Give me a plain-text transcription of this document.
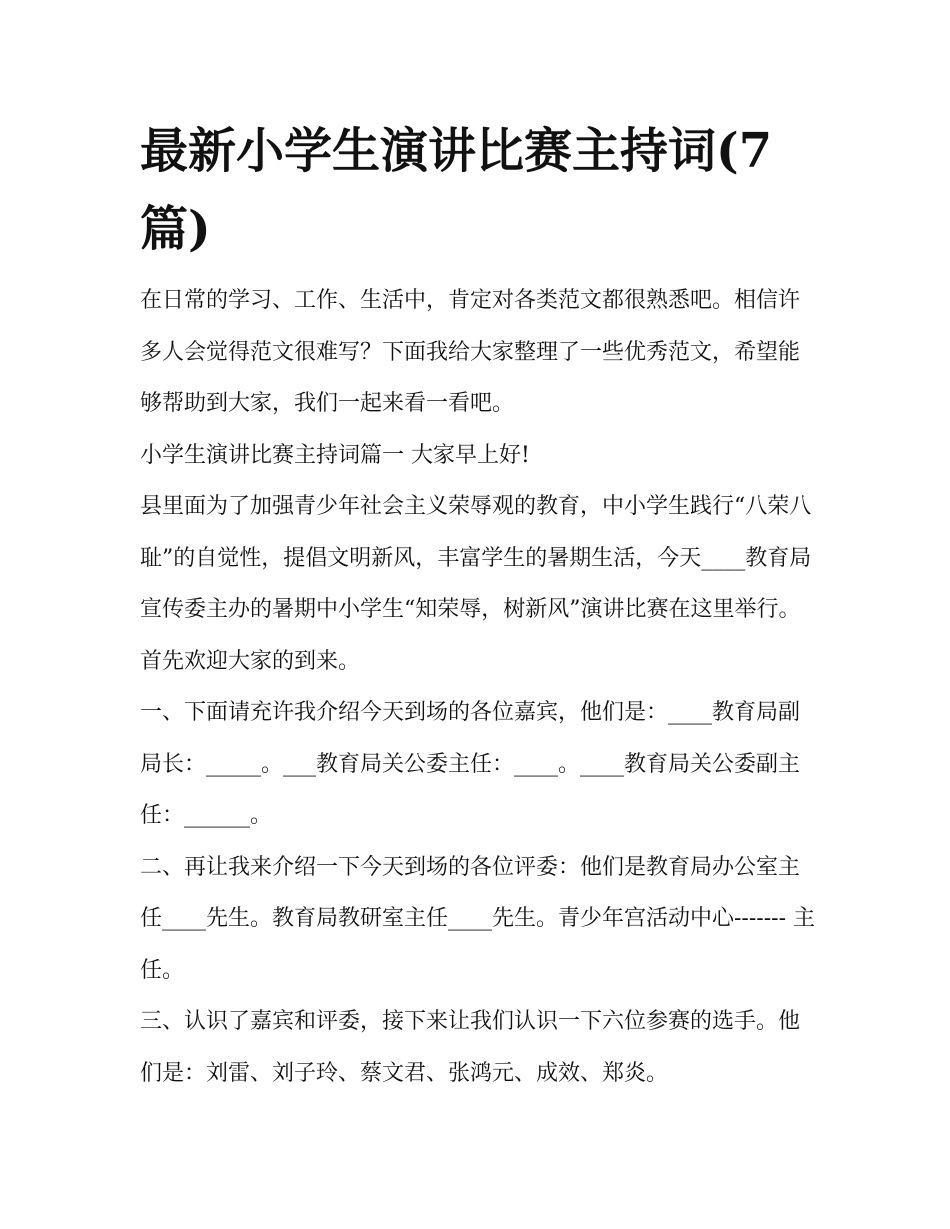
最新小学生演讲比赛主持词(7篇)

在日常的学习、工作、生活中，肯定对各类范文都很熟悉吧。相信许多人会觉得范文很难写？下面我给大家整理了一些优秀范文，希望能够帮助到大家，我们一起来看一看吧。

小学生演讲比赛主持词篇一 大家早上好!

县里面为了加强青少年社会主义荣辱观的教育，中小学生践行“八荣八耻”的自觉性，提倡文明新风，丰富学生的暑期生活，今天____教育局宣传委主办的暑期中小学生“知荣辱，树新风”演讲比赛在这里举行。首先欢迎大家的到来。

一、下面请充许我介绍今天到场的各位嘉宾，他们是：____教育局副局长：_____。___教育局关公委主任：____。____教育局关公委副主任：______。

二、再让我来介绍一下今天到场的各位评委：他们是教育局办公室主任____先生。教育局教研室主任____先生。青少年宫活动中心------- 主任。

三、认识了嘉宾和评委，接下来让我们认识一下六位参赛的选手。他们是：刘雷、刘子玲、蔡文君、张鸿元、成效、郑炎。
